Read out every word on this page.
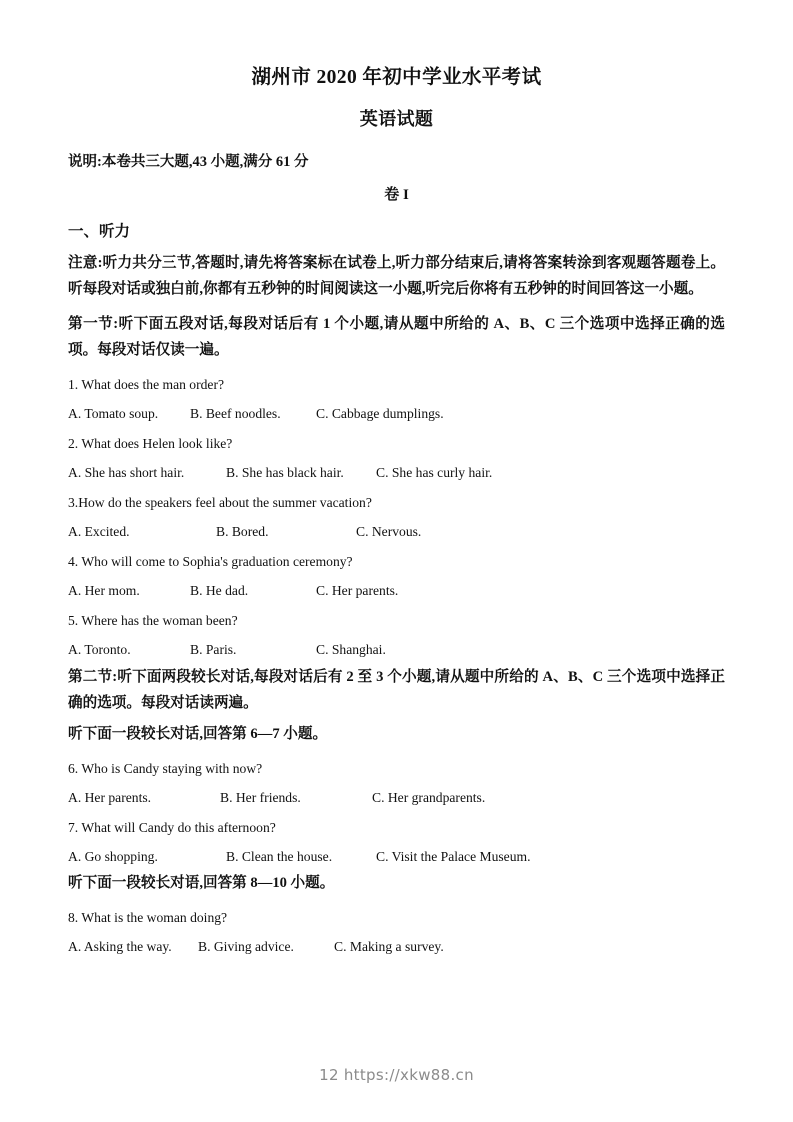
湖州市 2020 年初中学业水平考试
英语试题

说明:本卷共三大题,43 小题,满分 61 分

卷 I

一、听力

注意:听力共分三节,答题时,请先将答案标在试卷上,听力部分结束后,请将答案转涂到客观题答题卷上。听每段对话或独白前,你都有五秒钟的时间阅读这一小题,听完后你将有五秒钟的时间回答这一小题。

第一节:听下面五段对话,每段对话后有 1 个小题,请从题中所给的 A、B、C 三个选项中选择正确的选项。每段对话仅读一遍。

1. What does the man order?

A. Tomato soup. B. Beef noodles.	C. Cabbage dumplings.

2. What does Helen look like?

A. She has short hair.	B. She has black hair. C. She has curly hair.

3.How do the speakers feel about the summer vacation?

A. Excited.	B. Bored.	C. Nervous.

4. Who will come to Sophia's graduation ceremony?

A. Her mom.	B. He dad.	C. Her parents.

5. Where has the woman been?

A. Toronto.	B. Paris.	C. Shanghai.

第二节:听下面两段较长对话,每段对话后有 2 至 3 个小题,请从题中所给的 A、B、C 三个选项中选择正确的选项。每段对话读两遍。

听下面一段较长对话,回答第 6—7 小题。

6. Who is Candy staying with now?

A. Her parents.	B. Her friends.	C. Her grandparents.

7. What will Candy do this afternoon?

A. Go shopping.	B. Clean the house.	C. Visit the Palace Museum.

听下面一段较长对语,回答第 8—10 小题。

8. What is the woman doing?

A. Asking the way. B. Giving advice.	C. Making a survey.

12 https://xkw88.cn
